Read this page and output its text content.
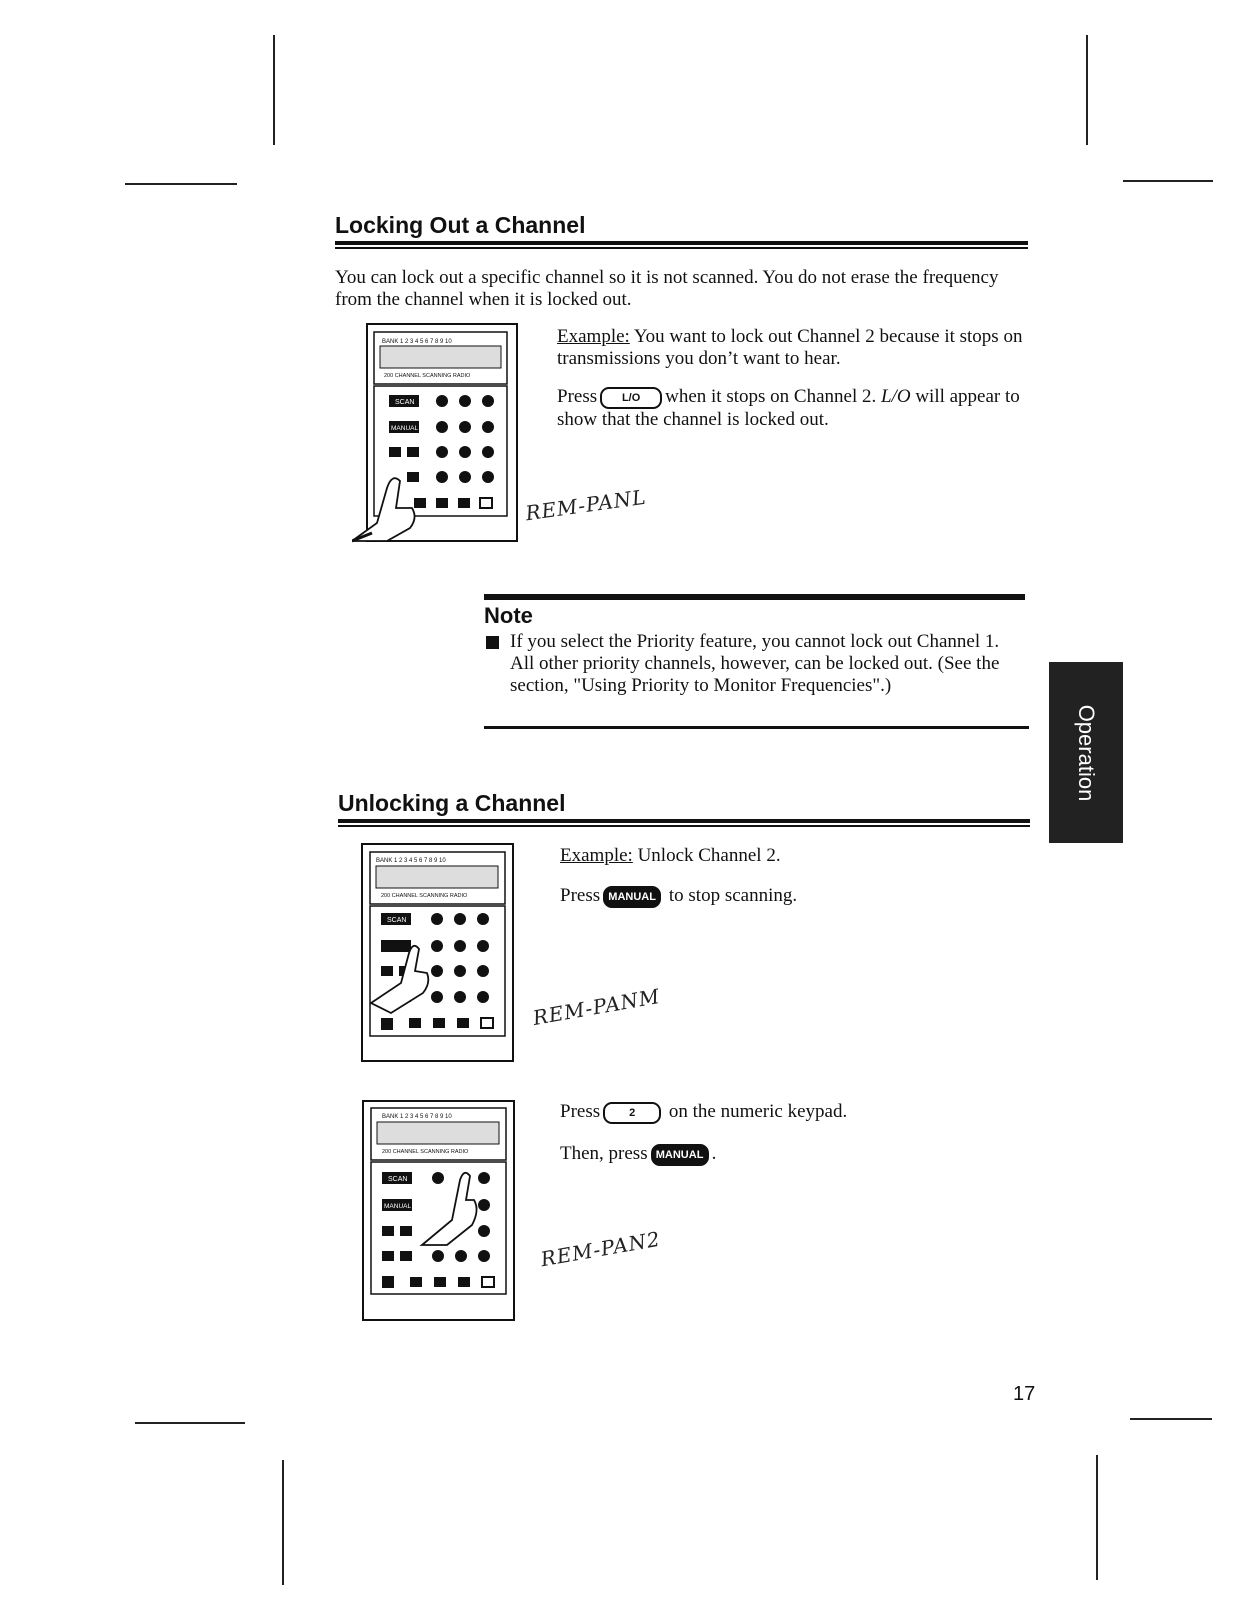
Locking Out a Channel
You can lock out a specific channel so it is not scanned. You do not erase the frequency from the channel when it is locked out.
BANK 1 2 3 4 5 6 7 8 9 10
200 CHANNEL SCANNING RADIO
SCAN
MANUAL
Example: You want to lock out Channel 2 because it stops on transmissions you don’t want to hear.
Press L/O when it stops on Channel 2. L/O will appear to show that the channel is locked out.
REM-PANL
Note
If you select the Priority feature, you cannot lock out Channel 1. All other priority channels, however, can be locked out. (See the section, "Using Priority to Monitor Frequencies".)
Operation
Unlocking a Channel
BANK 1 2 3 4 5 6 7 8 9 10
200 CHANNEL SCANNING RADIO
SCAN
Example: Unlock Channel 2.
Press MANUAL to stop scanning.
REM-PANM
BANK 1 2 3 4 5 6 7 8 9 10
200 CHANNEL SCANNING RADIO
SCAN
MANUAL
Press	2 on the numeric keypad.
Then, press MANUAL .
REM-PAN2
17
